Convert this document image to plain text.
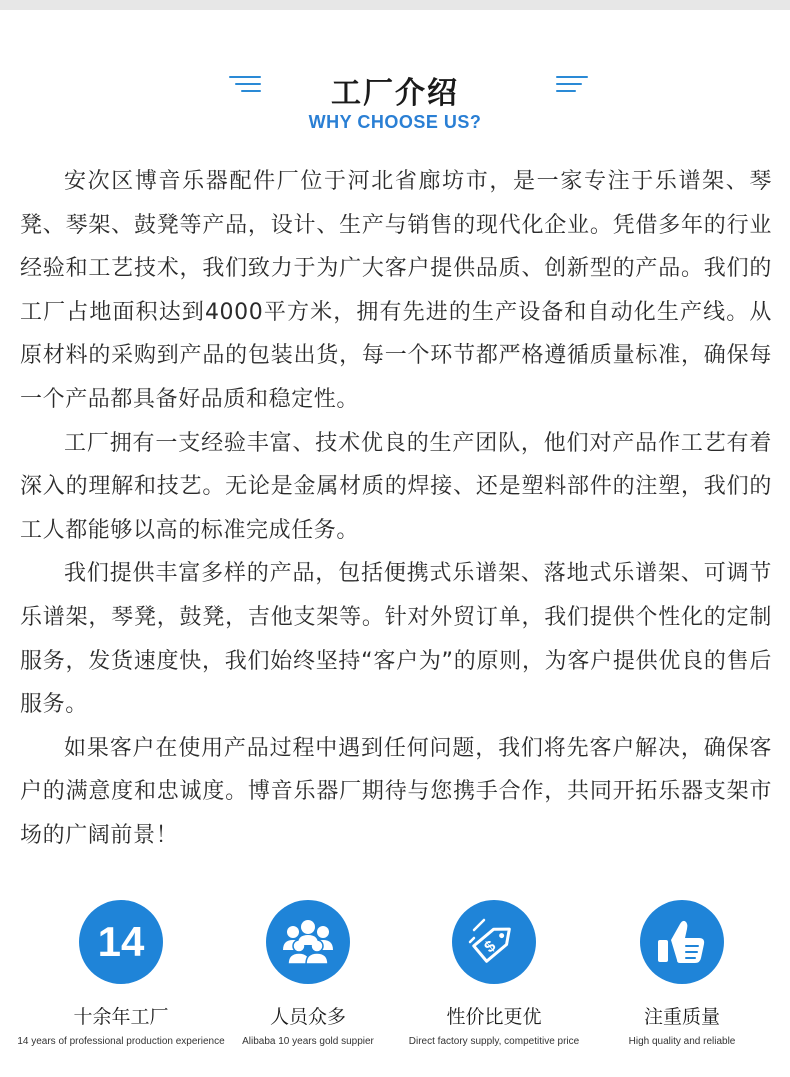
工厂介绍
WHY CHOOSE US?

安次区博音乐器配件厂位于河北省廊坊市，是一家专注于乐谱架、琴凳、琴架、鼓凳等产品，设计、生产与销售的现代化企业。凭借多年的行业经验和工艺技术，我们致力于为广大客户提供品质、创新型的产品。我们的工厂占地面积达到4000平方米，拥有先进的生产设备和自动化生产线。从原材料的采购到产品的包装出货，每一个环节都严格遵循质量标准，确保每一个产品都具备好品质和稳定性。

工厂拥有一支经验丰富、技术优良的生产团队，他们对产品作工艺有着深入的理解和技艺。无论是金属材质的焊接、还是塑料部件的注塑，我们的工人都能够以高的标准完成任务。

我们提供丰富多样的产品，包括便携式乐谱架、落地式乐谱架、可调节乐谱架，琴凳，鼓凳，吉他支架等。针对外贸订单，我们提供个性化的定制服务，发货速度快，我们始终坚持“客户为”的原则，为客户提供优良的售后服务。

如果客户在使用产品过程中遇到任何问题，我们将先客户解决，确保客户的满意度和忠诚度。博音乐器厂期待与您携手合作，共同开拓乐器支架市场的广阔前景！

14
十余年工厂
14 years of professional production experience
人员众多
Alibaba 10 years gold suppier
$
性价比更优
Direct factory supply, competitive price
注重质量
High quality and reliable
